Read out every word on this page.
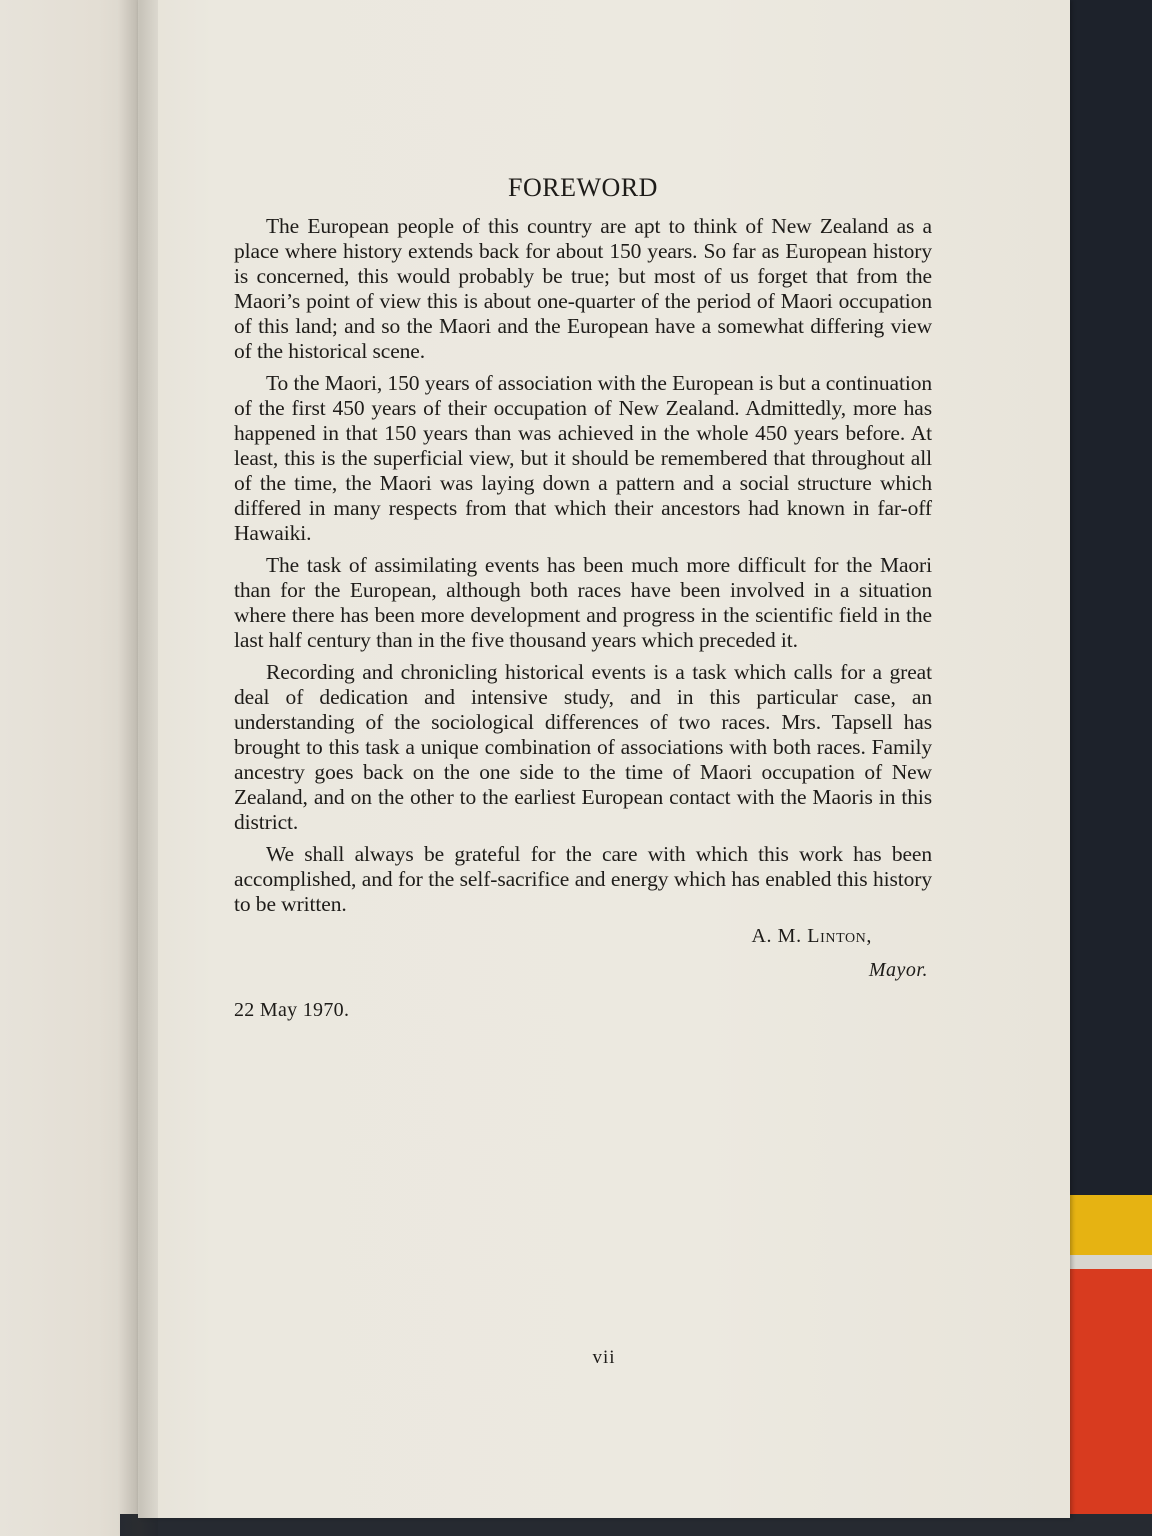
FOREWORD

The European people of this country are apt to think of New Zealand as a place where history extends back for about 150 years. So far as European history is concerned, this would probably be true; but most of us forget that from the Maori’s point of view this is about one-quarter of the period of Maori occupation of this land; and so the Maori and the European have a somewhat differing view of the historical scene.

To the Maori, 150 years of association with the European is but a continuation of the first 450 years of their occupation of New Zealand. Admittedly, more has happened in that 150 years than was achieved in the whole 450 years before. At least, this is the superficial view, but it should be remembered that throughout all of the time, the Maori was laying down a pattern and a social structure which differed in many respects from that which their ancestors had known in far-off Hawaiki.

The task of assimilating events has been much more difficult for the Maori than for the European, although both races have been involved in a situation where there has been more development and progress in the scientific field in the last half century than in the five thousand years which preceded it.

Recording and chronicling historical events is a task which calls for a great deal of dedication and intensive study, and in this particular case, an understanding of the sociological differences of two races. Mrs. Tapsell has brought to this task a unique combination of associations with both races. Family ancestry goes back on the one side to the time of Maori occupation of New Zealand, and on the other to the earliest European contact with the Maoris in this district.

We shall always be grateful for the care with which this work has been accomplished, and for the self-sacrifice and energy which has enabled this history to be written.

A. M. Linton,
Mayor.
22 May 1970.
vii
